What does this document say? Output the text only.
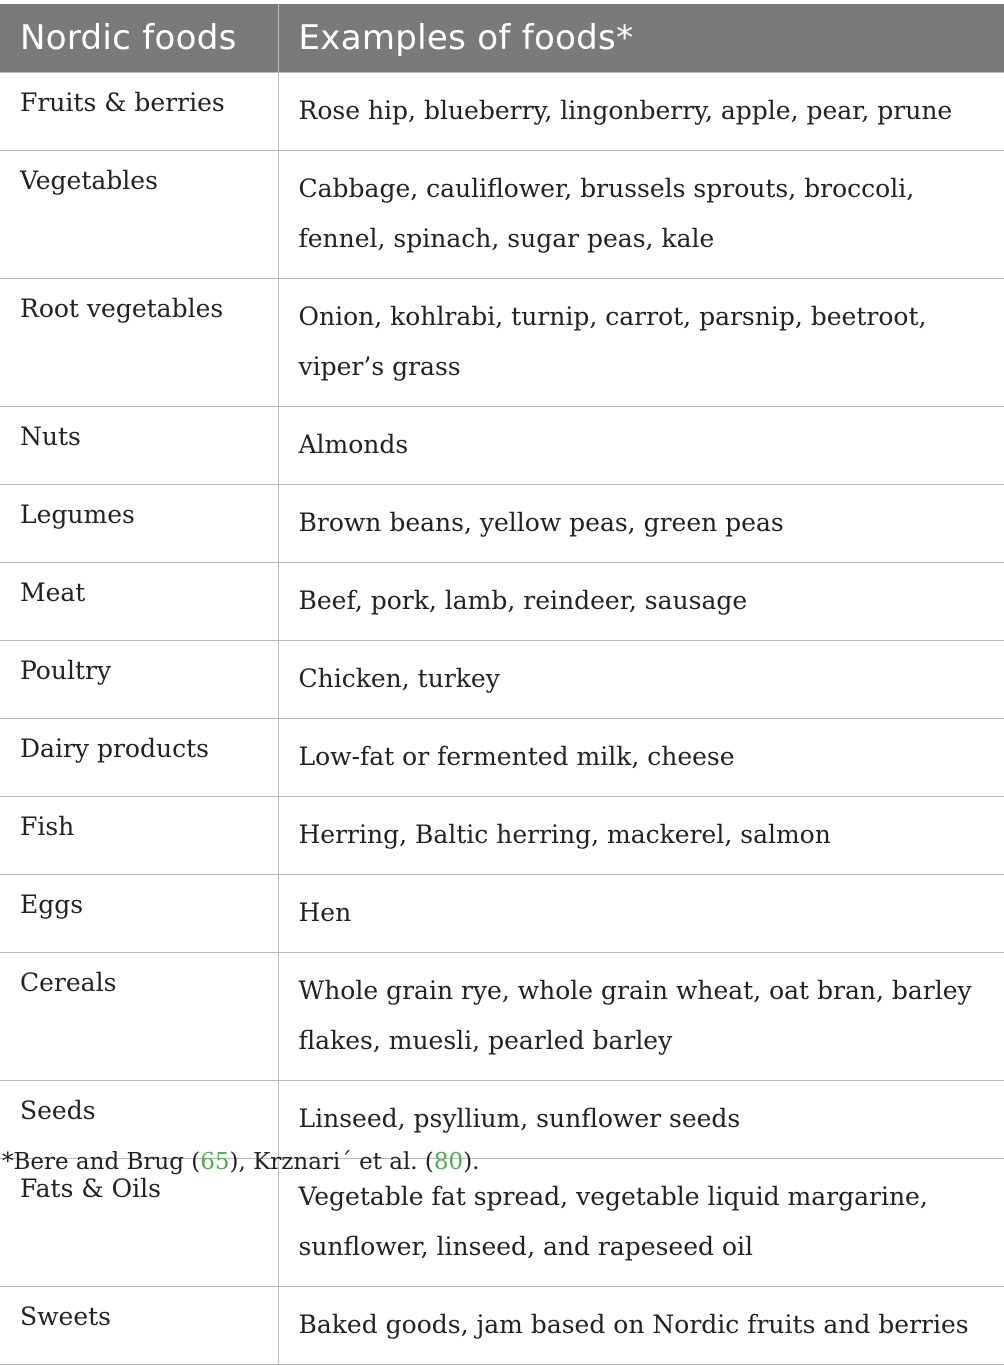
Nordic foods	Examples of foods*
Fruits & berries	Rose hip, blueberry, lingonberry, apple, pear, prune
Vegetables	Cabbage, cauliflower, brussels sprouts, broccoli, fennel, spinach, sugar peas, kale
Root vegetables	Onion, kohlrabi, turnip, carrot, parsnip, beetroot, viper’s grass
Nuts	Almonds
Legumes	Brown beans, yellow peas, green peas
Meat	Beef, pork, lamb, reindeer, sausage
Poultry	Chicken, turkey
Dairy products	Low-fat or fermented milk, cheese
Fish	Herring, Baltic herring, mackerel, salmon
Eggs	Hen
Cereals	Whole grain rye, whole grain wheat, oat bran, barley flakes, muesli, pearled barley
Seeds	Linseed, psyllium, sunflower seeds
Fats & Oils	Vegetable fat spread, vegetable liquid margarine, sunflower, linseed, and rapeseed oil
Sweets	Baked goods, jam based on Nordic fruits and berries
*Bere and Brug (65), Krznari´ et al. (80).
